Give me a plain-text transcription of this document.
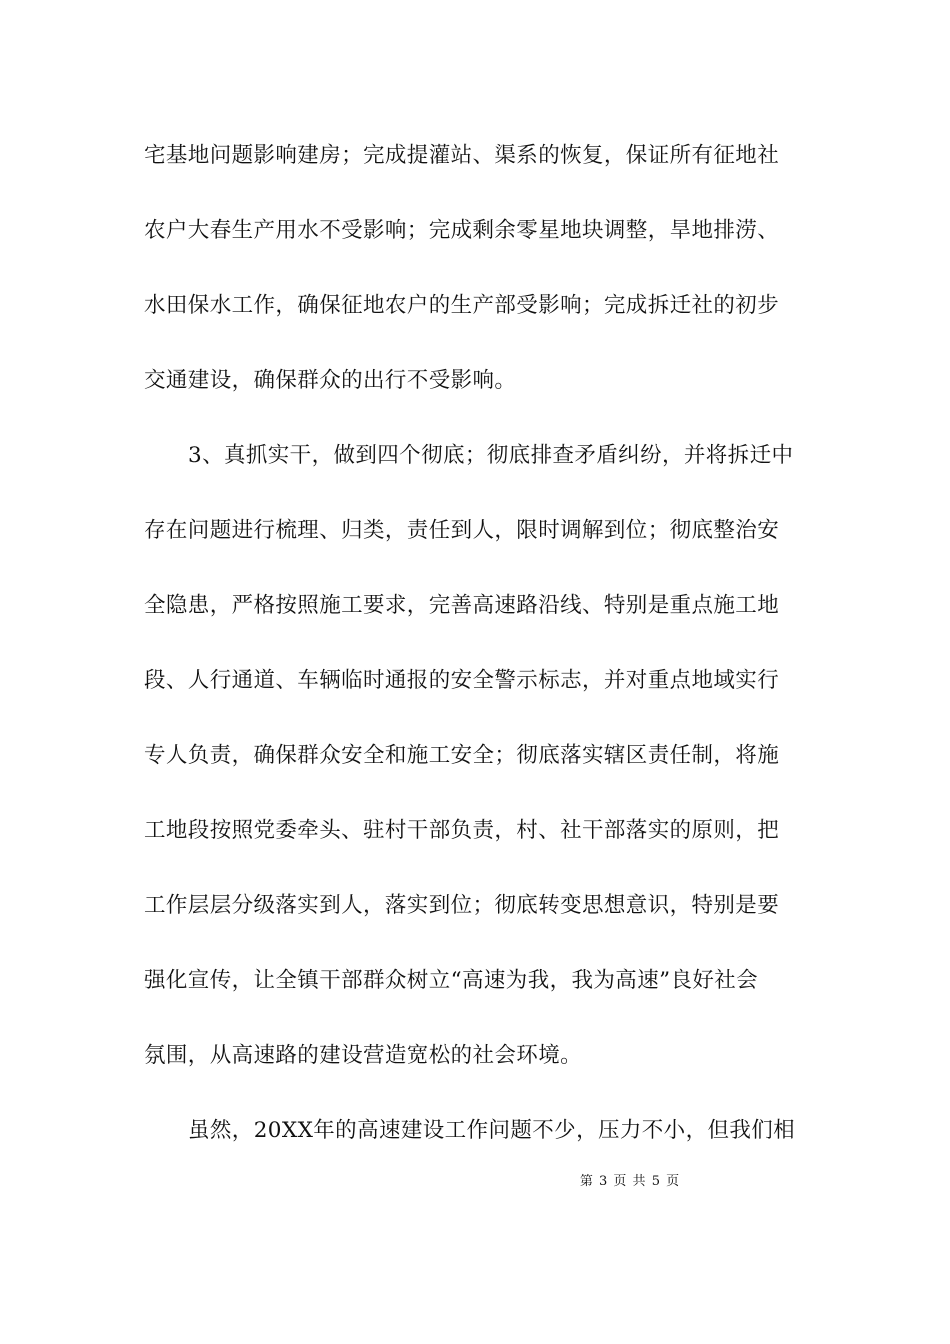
宅基地问题影响建房；完成提灌站、渠系的恢复，保证所有征地社
农户大春生产用水不受影响；完成剩余零星地块调整，旱地排涝、
水田保水工作，确保征地农户的生产部受影响；完成拆迁社的初步
交通建设，确保群众的出行不受影响。
3、真抓实干，做到四个彻底；彻底排查矛盾纠纷，并将拆迁中
存在问题进行梳理、归类，责任到人，限时调解到位；彻底整治安
全隐患，严格按照施工要求，完善高速路沿线、特别是重点施工地
段、人行通道、车辆临时通报的安全警示标志，并对重点地域实行
专人负责，确保群众安全和施工安全；彻底落实辖区责任制，将施
工地段按照党委牵头、驻村干部负责，村、社干部落实的原则，把
工作层层分级落实到人，落实到位；彻底转变思想意识，特别是要
强化宣传，让全镇干部群众树立“高速为我，我为高速”良好社会
氛围，从高速路的建设营造宽松的社会环境。
虽然，20XX年的高速建设工作问题不少，压力不小，但我们相
第 3 页 共 5 页
